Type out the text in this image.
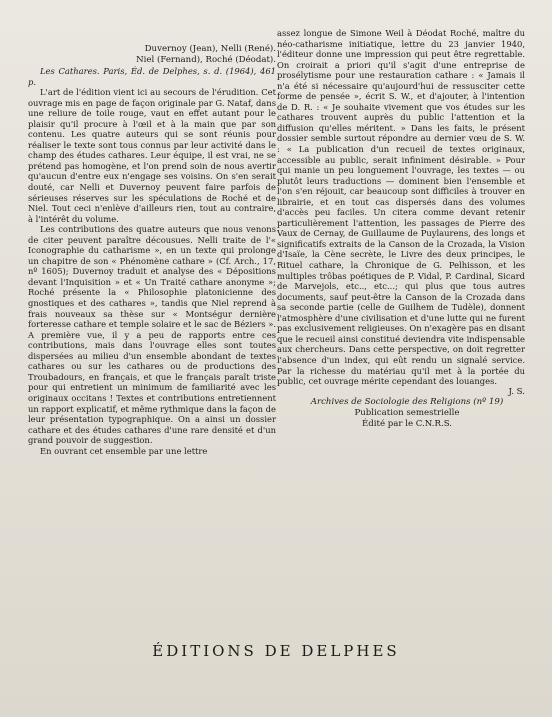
Duvernoy (Jean), Nelli (René).

Niel (Fernand), Roché (Déodat).

Les Cathares. Paris, Éd. de Delphes, s. d. (1964), 461 p.

L'art de l'édition vient ici au secours de l'érudition. Cet ouvrage mis en page de façon originale par G. Nataf, dans une reliure de toile rouge, vaut en effet autant pour le plaisir qu'il procure à l'œil et à la main que par son contenu. Les quatre auteurs qui se sont réunis pour réaliser le texte sont tous connus par leur activité dans le champ des études cathares. Leur équipe, il est vrai, ne se prétend pas homogène, et l'on prend soin de nous avertir qu'aucun d'entre eux n'engage ses voisins. On s'en serait douté, car Nelli et Duvernoy peuvent faire parfois de sérieuses réserves sur les spéculations de Roché et de Niel. Tout ceci n'enlève d'ailleurs rien, tout au contraire, à l'intérêt du volume.

Les contributions des quatre auteurs que nous venons de citer peuvent paraître décousues. Nelli traite de l'« Iconographie du catharisme », en un texte qui prolonge un chapitre de son « Phénomène cathare » (Cf. Arch., 17, nº 1605); Duvernoy traduit et analyse des « Dépositions devant l'Inquisition » et « Un Traité cathare anonyme »; Roché présente la « Philosophie platonicienne des gnostiques et des cathares », tandis que Niel reprend à frais nouveaux sa thèse sur « Montségur dernière forteresse cathare et temple solaire et le sac de Béziers ». A première vue, il y a peu de rapports entre ces contributions, mais dans l'ouvrage elles sont toutes dispersées au milieu d'un ensemble abondant de textes cathares ou sur les cathares ou de productions des Troubadours, en français, et que le français paraît triste pour qui entretient un minimum de familiarité avec les originaux occitans ! Textes et contributions entretiennent un rapport explicatif, et même rythmique dans la façon de leur présentation typographique. On a ainsi un dossier cathare et des études cathares d'une rare densité et d'un grand pouvoir de suggestion.

En ouvrant cet ensemble par une lettre

assez longue de Simone Weil à Déodat Roché, maître du néo-catharisme initiatique, lettre du 23 janvier 1940, l'éditeur donne une impression qui peut être regrettable. On croirait a priori qu'il s'agit d'une entreprise de prosélytisme pour une restauration cathare : « Jamais il n'a été si nécessaire qu'aujourd'hui de ressusciter cette forme de pensée », écrit S. W., et d'ajouter, à l'intention de D. R. : « Je souhaite vivement que vos études sur les cathares trouvent auprès du public l'attention et la diffusion qu'elles méritent. » Dans les faits, le présent dossier semble surtout répondre au dernier vœu de S. W. : « La publication d'un recueil de textes originaux, accessible au public, serait infiniment désirable. » Pour qui manie un peu longuement l'ouvrage, les textes — ou plutôt leurs traductions — dominent bien l'ensemble et l'on s'en réjouit, car beaucoup sont difficiles à trouver en librairie, et en tout cas dispersés dans des volumes d'accès peu faciles. Un citera comme devant retenir particulièrement l'attention, les passages de Pierre des Vaux de Cernay, de Guillaume de Puylaurens, des longs et significatifs extraits de la Canson de la Crozada, la Vision d'Isaïe, la Cène secrète, le Livre des deux principes, le Rituel cathare, la Chronique de G. Pelhisson, et les multiples trôbas poétiques de P. Vidal, P. Cardinal, Sicard de Marvejols, etc.., etc...; qui plus que tous autres documents, sauf peut-être la Canson de la Crozada dans sa seconde partie (celle de Guilhem de Tudèle), donnent l'atmosphère d'une civilisation et d'une lutte qui ne furent pas exclusivement religieuses. On n'exagère pas en disant que le recueil ainsi constitué deviendra vite indispensable aux chercheurs. Dans cette perspective, on doit regretter l'absence d'un index, qui eût rendu un signalé service. Par la richesse du matériau qu'il met à la portée du public, cet ouvrage mérite cependant des louanges.

J. S.

Archives de Sociologie des Religions (nº 19)

Publication semestrielle

Édité par le C.N.R.S.

ÉDITIONS DE DELPHES
